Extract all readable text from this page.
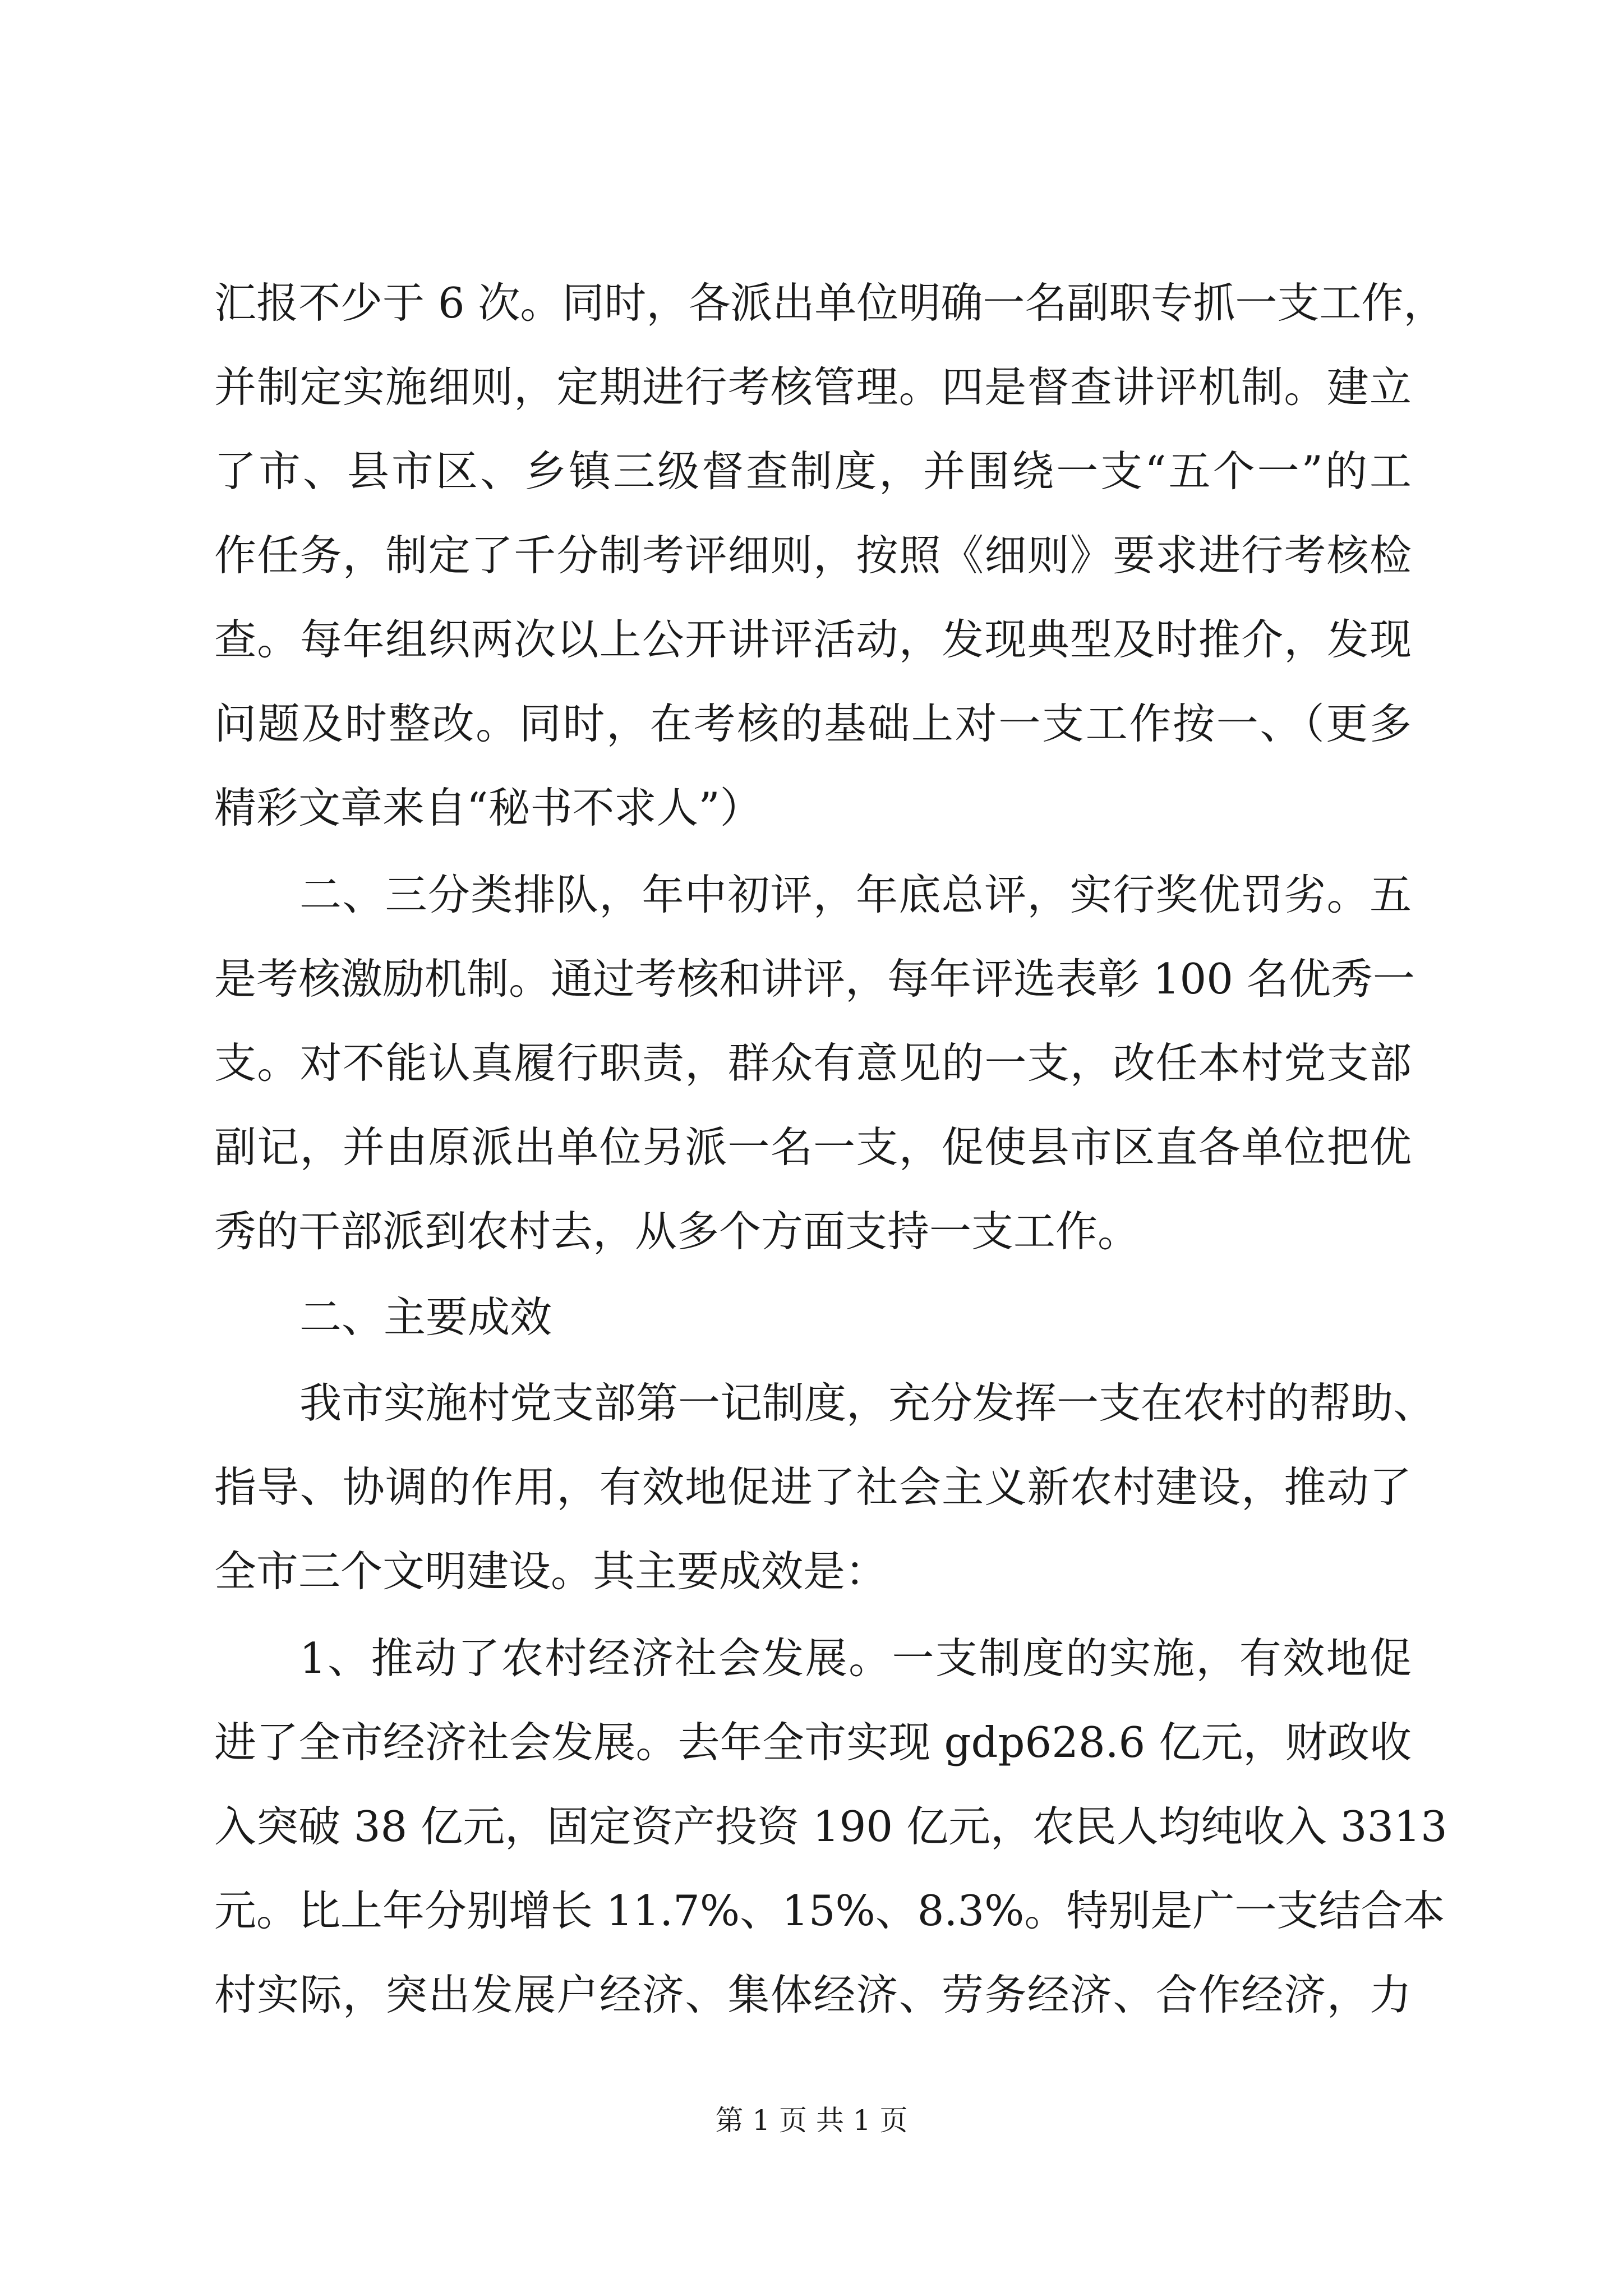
汇报不少于 6 次。同时，各派出单位明确一名副职专抓一支工作，
并制定实施细则，定期进行考核管理。四是督查讲评机制。建立
了市、县市区、乡镇三级督查制度，并围绕一支“五个一”的工
作任务，制定了千分制考评细则，按照《细则》要求进行考核检
查。每年组织两次以上公开讲评活动，发现典型及时推介，发现
问题及时整改。同时，在考核的基础上对一支工作按一、（更多
精彩文章来自“秘书不求人”）
二、三分类排队，年中初评，年底总评，实行奖优罚劣。五
是考核激励机制。通过考核和讲评，每年评选表彰 100 名优秀一
支。对不能认真履行职责，群众有意见的一支，改任本村党支部
副记，并由原派出单位另派一名一支，促使县市区直各单位把优
秀的干部派到农村去，从多个方面支持一支工作。
二、主要成效
我市实施村党支部第一记制度，充分发挥一支在农村的帮助、
指导、协调的作用，有效地促进了社会主义新农村建设，推动了
全市三个文明建设。其主要成效是：
1、推动了农村经济社会发展。一支制度的实施，有效地促
进了全市经济社会发展。去年全市实现 gdp628.6 亿元，财政收
入突破 38 亿元，固定资产投资 190 亿元，农民人均纯收入 3313
元。比上年分别增长 11.7%、15%、8.3%。特别是广一支结合本
村实际，突出发展户经济、集体经济、劳务经济、合作经济，力
第 1 页 共 1 页
